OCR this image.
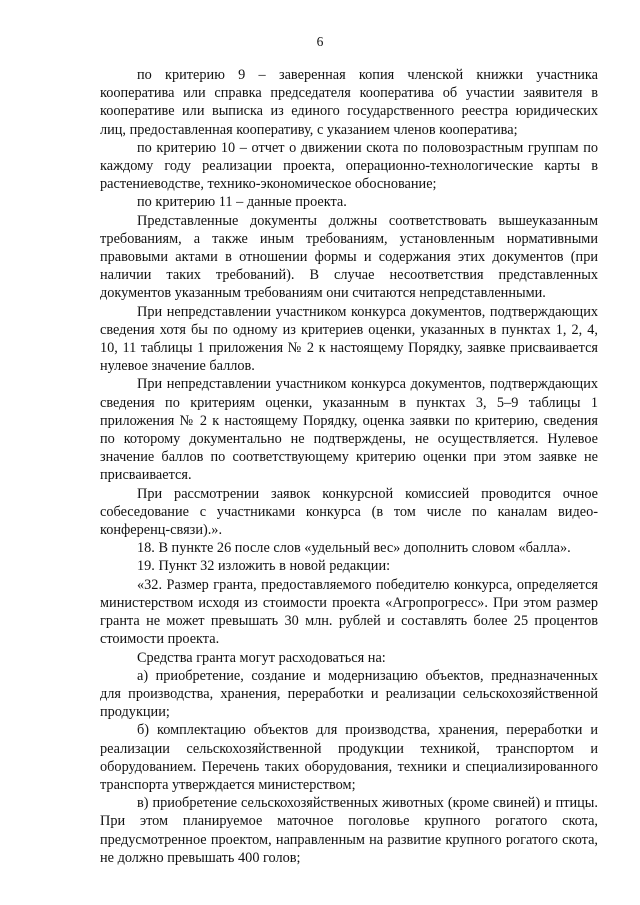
6

по критерию 9 – заверенная копия членской книжки участника кооператива или справка председателя кооператива об участии заявителя в кооперативе или выписка из единого государственного реестра юридических лиц, предоставленная кооперативу, с указанием членов кооператива;

по критерию 10 – отчет о движении скота по половозрастным группам по каждому году реализации проекта, операционно-технологические карты в растениеводстве, технико-экономическое обоснование;

по критерию 11 – данные проекта.

Представленные документы должны соответствовать вышеуказанным требованиям, а также иным требованиям, установленным нормативными правовыми актами в отношении формы и содержания этих документов (при наличии таких требований). В случае несоответствия представленных документов указанным требованиям они считаются непредставленными.

При непредставлении участником конкурса документов, подтверждающих сведения хотя бы по одному из критериев оценки, указанных в пунктах 1, 2, 4, 10, 11 таблицы 1 приложения № 2 к настоящему Порядку, заявке присваивается нулевое значение баллов.

При непредставлении участником конкурса документов, подтверждающих сведения по критериям оценки, указанным в пунктах 3, 5–9 таблицы 1 приложения № 2 к настоящему Порядку, оценка заявки по критерию, сведения по которому документально не подтверждены, не осуществляется. Нулевое значение баллов по соответствующему критерию оценки при этом заявке не присваивается.

При рассмотрении заявок конкурсной комиссией проводится очное собеседование с участниками конкурса (в том числе по каналам видео-конференц-связи).».

18. В пункте 26 после слов «удельный вес» дополнить словом «балла».

19. Пункт 32 изложить в новой редакции:

«32. Размер гранта, предоставляемого победителю конкурса, определяется министерством исходя из стоимости проекта «Агропрогресс». При этом размер гранта не может превышать 30 млн. рублей и составлять более 25 процентов стоимости проекта.

Средства гранта могут расходоваться на:

а) приобретение, создание и модернизацию объектов, предназначенных для производства, хранения, переработки и реализации сельскохозяйственной продукции;

б) комплектацию объектов для производства, хранения, переработки и реализации сельскохозяйственной продукции техникой, транспортом и оборудованием. Перечень таких оборудования, техники и специализированного транспорта утверждается министерством;

в) приобретение сельскохозяйственных животных (кроме свиней) и птицы. При этом планируемое маточное поголовье крупного рогатого скота, предусмотренное проектом, направленным на развитие крупного рогатого скота, не должно превышать 400 голов;
